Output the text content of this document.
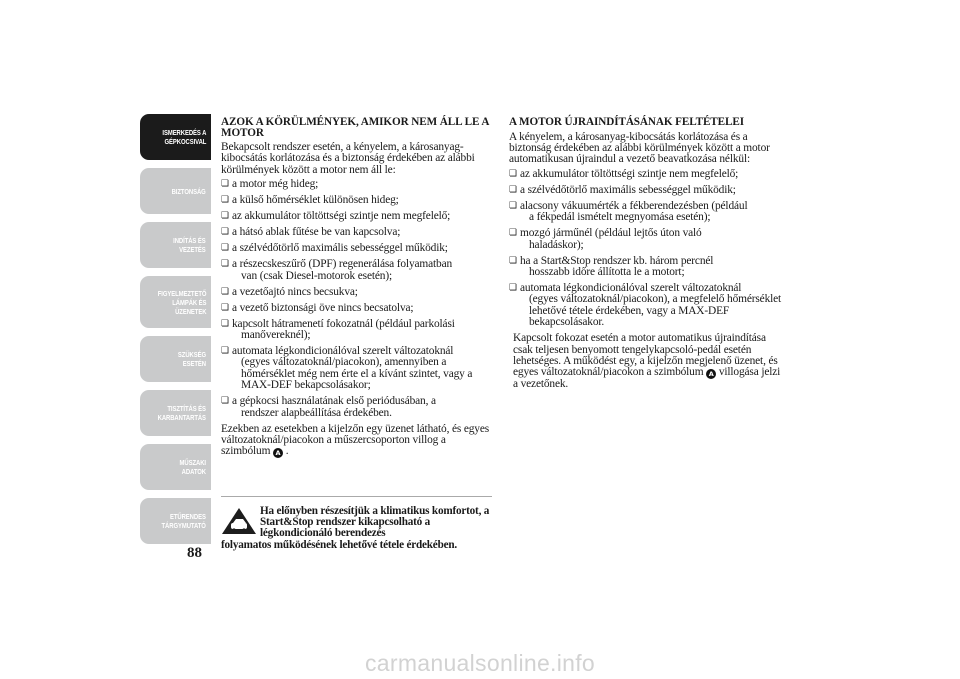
ISMERKEDÉS A
GÉPKOCSIVAL
BIZTONSÁG
INDÍTÁS ÉS
VEZETÉS
FIGYELMEZTETŐ
LÁMPÁK ÉS
ÜZENETEK
SZÜKSÉG ESETÉN
TISZTÍTÁS ÉS
KARBANTARTÁS
MŰSZAKI ADATOK
ETŰRENDES
TÁRGYMUTATÓ
88
AZOK A KÖRÜLMÉNYEK, AMIKOR NEM ÁLL LE A MOTOR

Bekapcsolt rendszer esetén, a kényelem, a károsanyag-kibocsátás korlátozása és a biztonság érdekében az alábbi körülmények között a motor nem áll le:

❏ a motor még hideg;
❏ a külső hőmérséklet különösen hideg;
❏ az akkumulátor töltöttségi szintje nem megfelelő;
❏ a hátsó ablak fűtése be van kapcsolva;
❏ a szélvédőtörlő maximális sebességgel működik;
❏ a részecskeszűrő (DPF) regenerálása folyamatban
van (csak Diesel-motorok esetén);
❏ a vezetőajtó nincs becsukva;
❏ a vezető biztonsági öve nincs becsatolva;
❏ kapcsolt hátramenetí fokozatnál (például parkolási
manővereknél);
❏ automata légkondicionálóval szerelt változatoknál
(egyes változatoknál/piacokon), amennyiben a hőmérséklet még nem érte el a kívánt szintet, vagy a MAX-DEF bekapcsolásakor;
❏ a gépkocsi használatának első periódusában, a
rendszer alapbeállítása érdekében.

Ezekben az esetekben a kijelzőn egy üzenet látható, és egyes változatoknál/piacokon a műszercsoporton villog a szimbólum A .

Ha előnyben részesítjük a klimatikus komfortot, a Start&Stop rendszer kikapcsolható a légkondicionáló berendezés
folyamatos működésének lehetővé tétele érdekében.
A MOTOR ÚJRAINDÍTÁSÁNAK FELTÉTELEI

A kényelem, a károsanyag-kibocsátás korlátozása és a biztonság érdekében az alábbi körülmények között a motor automatikusan újraindul a vezető beavatkozása nélkül:

❏ az akkumulátor töltöttségi szintje nem megfelelő;
❏ a szélvédőtörlő maximális sebességgel működik;
❏ alacsony vákuumérték a fékberendezésben (például
a fékpedál ismételt megnyomása esetén);
❏ mozgó járműnél (például lejtős úton való
haladáskor);
❏ ha a Start&Stop rendszer kb. három percnél
hosszabb időre állította le a motort;
❏ automata légkondicionálóval szerelt változatoknál
(egyes változatoknál/piacokon), a megfelelő hőmérséklet lehetővé tétele érdekében, vagy a MAX-DEF bekapcsolásakor.

Kapcsolt fokozat esetén a motor automatikus újraindítása csak teljesen benyomott tengelykapcsoló-pedál esetén lehetséges. A működést egy, a kijelzőn megjelenő üzenet, és egyes változatoknál/piacokon a szimbólum A villogása jelzi a vezetőnek.

carmanualsonline.info
